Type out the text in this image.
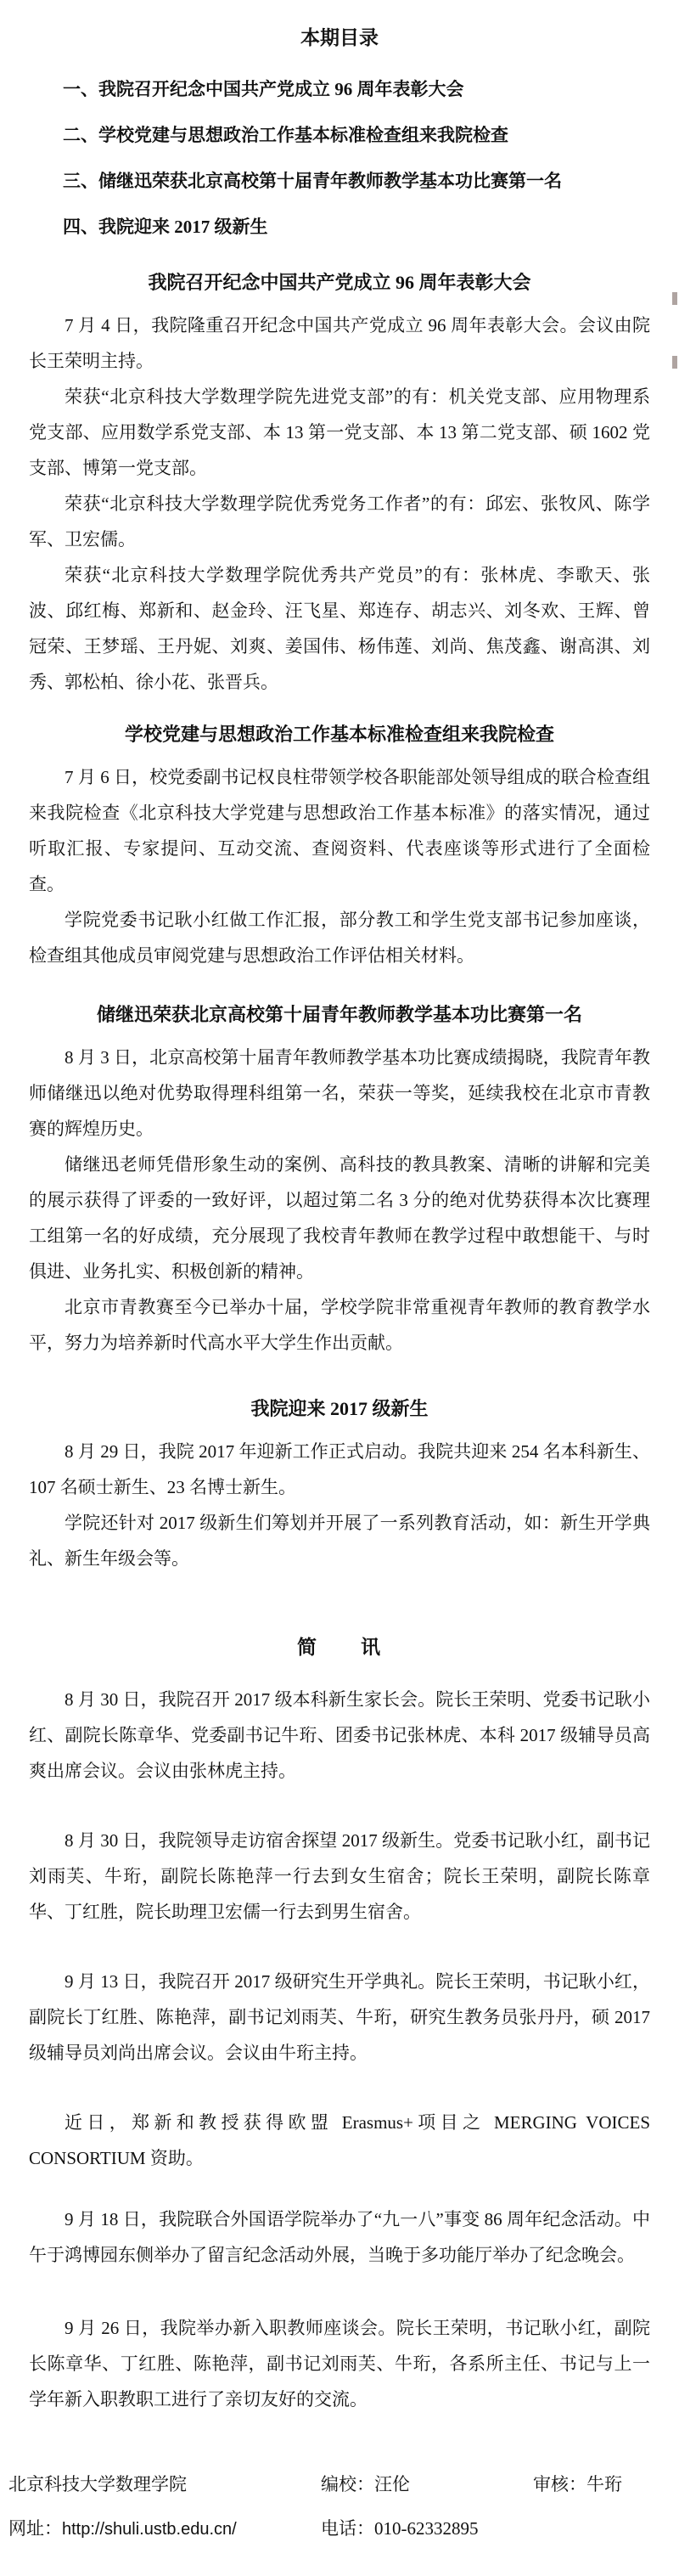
本期目录
一、我院召开纪念中国共产党成立 96 周年表彰大会
二、学校党建与思想政治工作基本标准检查组来我院检查
三、储继迅荣获北京高校第十届青年教师教学基本功比赛第一名
四、我院迎来 2017 级新生
我院召开纪念中国共产党成立 96 周年表彰大会

7 月 4 日，我院隆重召开纪念中国共产党成立 96 周年表彰大会。会议由院长王荣明主持。

荣获“北京科技大学数理学院先进党支部”的有：机关党支部、应用物理系党支部、应用数学系党支部、本 13 第一党支部、本 13 第二党支部、硕 1602 党支部、博第一党支部。

荣获“北京科技大学数理学院优秀党务工作者”的有：邱宏、张牧风、陈学军、卫宏儒。

荣获“北京科技大学数理学院优秀共产党员”的有：张林虎、李歌天、张波、邱红梅、郑新和、赵金玲、汪飞星、郑连存、胡志兴、刘冬欢、王辉、曾冠荣、王梦瑶、王丹妮、刘爽、姜国伟、杨伟莲、刘尚、焦茂鑫、谢高淇、刘秀、郭松柏、徐小花、张晋兵。

学校党建与思想政治工作基本标准检查组来我院检查

7 月 6 日，校党委副书记权良柱带领学校各职能部处领导组成的联合检查组来我院检查《北京科技大学党建与思想政治工作基本标准》的落实情况，通过听取汇报、专家提问、互动交流、查阅资料、代表座谈等形式进行了全面检查。

学院党委书记耿小红做工作汇报，部分教工和学生党支部书记参加座谈，检查组其他成员审阅党建与思想政治工作评估相关材料。

储继迅荣获北京高校第十届青年教师教学基本功比赛第一名

8 月 3 日，北京高校第十届青年教师教学基本功比赛成绩揭晓，我院青年教师储继迅以绝对优势取得理科组第一名，荣获一等奖，延续我校在北京市青教赛的辉煌历史。

储继迅老师凭借形象生动的案例、高科技的教具教案、清晰的讲解和完美的展示获得了评委的一致好评，以超过第二名 3 分的绝对优势获得本次比赛理工组第一名的好成绩，充分展现了我校青年教师在教学过程中敢想能干、与时俱进、业务扎实、积极创新的精神。

北京市青教赛至今已举办十届，学校学院非常重视青年教师的教育教学水平，努力为培养新时代高水平大学生作出贡献。

我院迎来 2017 级新生

8 月 29 日，我院 2017 年迎新工作正式启动。我院共迎来 254 名本科新生、107 名硕士新生、23 名博士新生。

学院还针对 2017 级新生们筹划并开展了一系列教育活动，如：新生开学典礼、新生年级会等。

简　　讯

8 月 30 日，我院召开 2017 级本科新生家长会。院长王荣明、党委书记耿小红、副院长陈章华、党委副书记牛珩、团委书记张林虎、本科 2017 级辅导员高爽出席会议。会议由张林虎主持。

8 月 30 日，我院领导走访宿舍探望 2017 级新生。党委书记耿小红，副书记刘雨芙、牛珩，副院长陈艳萍一行去到女生宿舍；院长王荣明，副院长陈章华、丁红胜，院长助理卫宏儒一行去到男生宿舍。

9 月 13 日，我院召开 2017 级研究生开学典礼。院长王荣明，书记耿小红，副院长丁红胜、陈艳萍，副书记刘雨芙、牛珩，研究生教务员张丹丹，硕 2017 级辅导员刘尚出席会议。会议由牛珩主持。

近日，郑新和教授获得欧盟 Erasmus+项目之 MERGING VOICES CONSORTIUM 资助。

9 月 18 日，我院联合外国语学院举办了“九一八”事变 86 周年纪念活动。中午于鸿博园东侧举办了留言纪念活动外展，当晚于多功能厅举办了纪念晚会。

9 月 26 日，我院举办新入职教师座谈会。院长王荣明，书记耿小红，副院长陈章华、丁红胜、陈艳萍，副书记刘雨芙、牛珩，各系所主任、书记与上一学年新入职教职工进行了亲切友好的交流。

北京科技大学数理学院	编校：汪伦	审核：牛珩
网址：http://shuli.ustb.edu.cn/	电话：010-62332895
